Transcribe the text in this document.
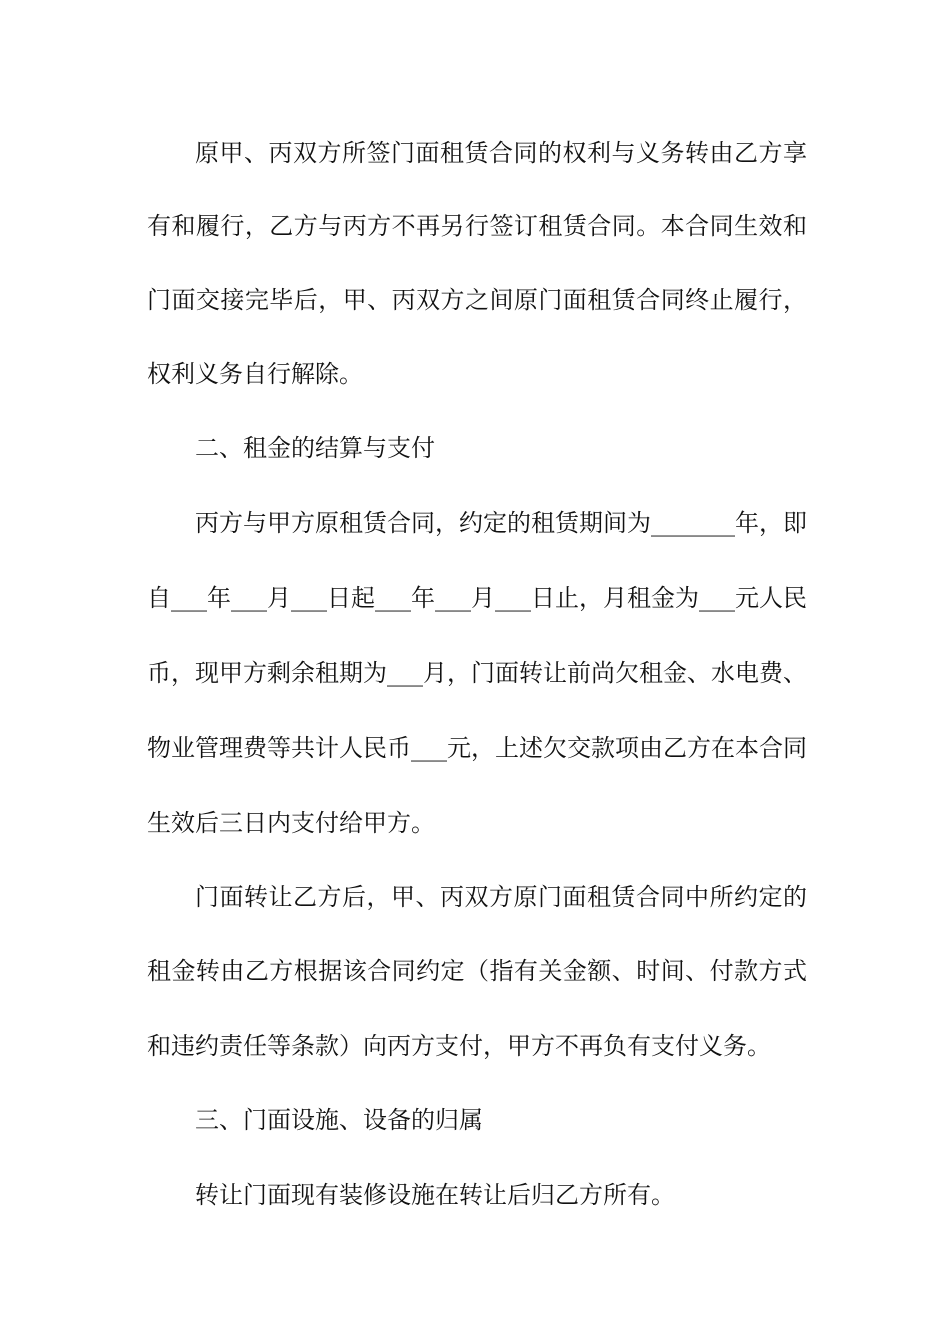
原甲、丙双方所签门面租赁合同的权利与义务转由乙方享

有和履行，乙方与丙方不再另行签订租赁合同。本合同生效和

门面交接完毕后，甲、丙双方之间原门面租赁合同终止履行，

权利义务自行解除。

二、租金的结算与支付

丙方与甲方原租赁合同，约定的租赁期间为_______年，即

自___年___月___日起___年___月___日止，月租金为___元人民

币，现甲方剩余租期为___月，门面转让前尚欠租金、水电费、

物业管理费等共计人民币___元，上述欠交款项由乙方在本合同

生效后三日内支付给甲方。

门面转让乙方后，甲、丙双方原门面租赁合同中所约定的

租金转由乙方根据该合同约定（指有关金额、时间、付款方式

和违约责任等条款）向丙方支付，甲方不再负有支付义务。

三、门面设施、设备的归属

转让门面现有装修设施在转让后归乙方所有。
